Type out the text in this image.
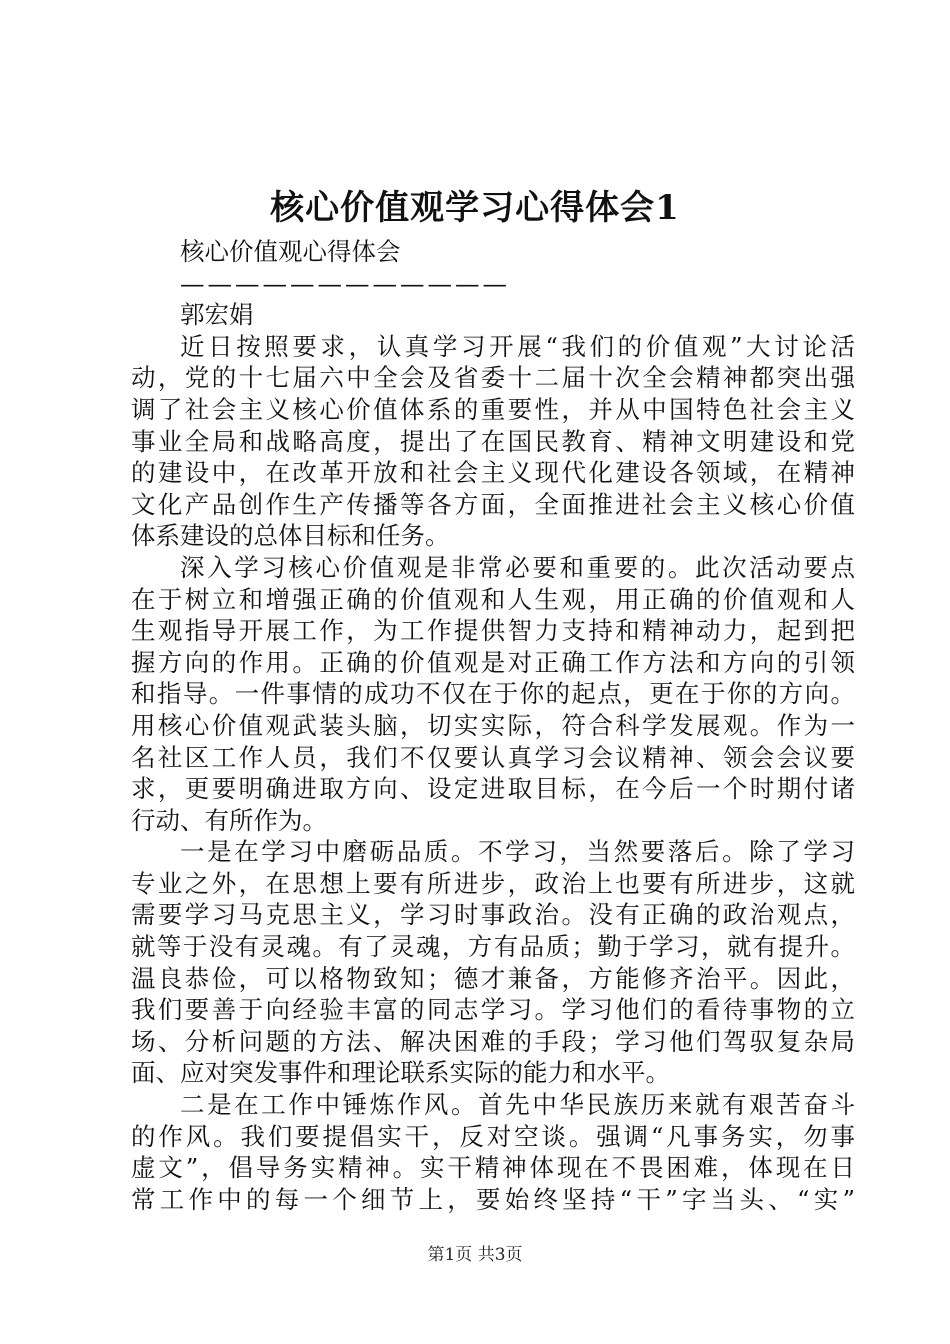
核心价值观学习心得体会1
核心价值观心得体会
————————————
郭宏娟
近日按照要求，认真学习开展“我们的价值观”大讨论活
动，党的十七届六中全会及省委十二届十次全会精神都突出强
调了社会主义核心价值体系的重要性，并从中国特色社会主义
事业全局和战略高度，提出了在国民教育、精神文明建设和党
的建设中，在改革开放和社会主义现代化建设各领域，在精神
文化产品创作生产传播等各方面，全面推进社会主义核心价值
体系建设的总体目标和任务。
深入学习核心价值观是非常必要和重要的。此次活动要点
在于树立和增强正确的价值观和人生观，用正确的价值观和人
生观指导开展工作，为工作提供智力支持和精神动力，起到把
握方向的作用。正确的价值观是对正确工作方法和方向的引领
和指导。一件事情的成功不仅在于你的起点，更在于你的方向。
用核心价值观武装头脑，切实实际，符合科学发展观。作为一
名社区工作人员，我们不仅要认真学习会议精神、领会会议要
求，更要明确进取方向、设定进取目标，在今后一个时期付诸
行动、有所作为。
一是在学习中磨砺品质。不学习，当然要落后。除了学习
专业之外，在思想上要有所进步，政治上也要有所进步，这就
需要学习马克思主义，学习时事政治。没有正确的政治观点，
就等于没有灵魂。有了灵魂，方有品质；勤于学习，就有提升。
温良恭俭，可以格物致知；德才兼备，方能修齐治平。因此，
我们要善于向经验丰富的同志学习。学习他们的看待事物的立
场、分析问题的方法、解决困难的手段；学习他们驾驭复杂局
面、应对突发事件和理论联系实际的能力和水平。
二是在工作中锤炼作风。首先中华民族历来就有艰苦奋斗
的作风。我们要提倡实干，反对空谈。强调“凡事务实，勿事
虚文”，倡导务实精神。实干精神体现在不畏困难，体现在日
常工作中的每一个细节上，要始终坚持“干”字当头、“实”
第1页 共3页
